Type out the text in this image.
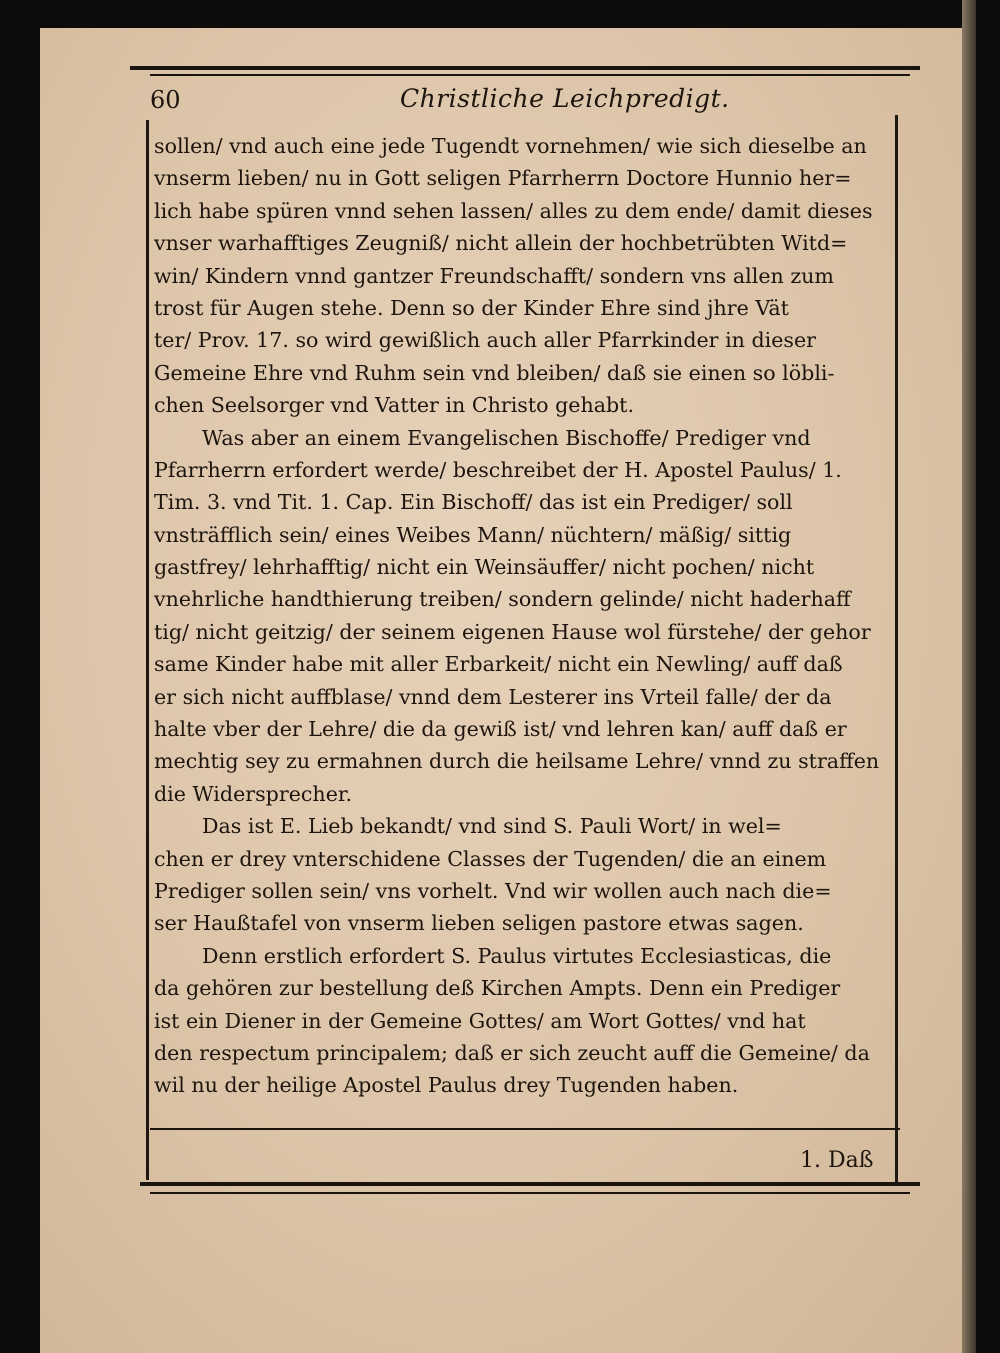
60	Christliche Leichpredigt.
sollen/ vnd auch eine jede Tugendt vornehmen/ wie sich dieselbe an
vnserm lieben/ nu in Gott seligen Pfarrherrn Doctore Hunnio her=
lich habe spüren vnnd sehen lassen/ alles zu dem ende/ damit dieses
vnser warhafftiges Zeugniß/ nicht allein der hochbetrübten Witd=
win/ Kindern vnnd gantzer Freundschafft/ sondern vns allen zum
trost für Augen stehe. Denn so der Kinder Ehre sind jhre Vät
ter/ Prov. 17. so wird gewißlich auch aller Pfarrkinder in dieser
Gemeine Ehre vnd Ruhm sein vnd bleiben/ daß sie einen so löbli-
chen Seelsorger vnd Vatter in Christo gehabt.
Was aber an einem Evangelischen Bischoffe/ Prediger vnd
Pfarrherrn erfordert werde/ beschreibet der H. Apostel Paulus/ 1.
Tim. 3. vnd Tit. 1. Cap. Ein Bischoff/ das ist ein Prediger/ soll
vnsträfflich sein/ eines Weibes Mann/ nüchtern/ mäßig/ sittig
gastfrey/ lehrhafftig/ nicht ein Weinsäuffer/ nicht pochen/ nicht
vnehrliche handthierung treiben/ sondern gelinde/ nicht haderhaff
tig/ nicht geitzig/ der seinem eigenen Hause wol fürstehe/ der gehor
same Kinder habe mit aller Erbarkeit/ nicht ein Newling/ auff daß
er sich nicht auffblase/ vnnd dem Lesterer ins Vrteil falle/ der da
halte vber der Lehre/ die da gewiß ist/ vnd lehren kan/ auff daß er
mechtig sey zu ermahnen durch die heilsame Lehre/ vnnd zu straffen
die Widersprecher.
Das ist E. Lieb bekandt/ vnd sind S. Pauli Wort/ in wel=
chen er drey vnterschidene Classes der Tugenden/ die an einem
Prediger sollen sein/ vns vorhelt. Vnd wir wollen auch nach die=
ser Haußtafel von vnserm lieben seligen pastore etwas sagen.
Denn erstlich erfordert S. Paulus virtutes Ecclesiasticas, die
da gehören zur bestellung deß Kirchen Ampts. Denn ein Prediger
ist ein Diener in der Gemeine Gottes/ am Wort Gottes/ vnd hat
den respectum principalem; daß er sich zeucht auff die Gemeine/ da
wil nu der heilige Apostel Paulus drey Tugenden haben.
1. Daß
